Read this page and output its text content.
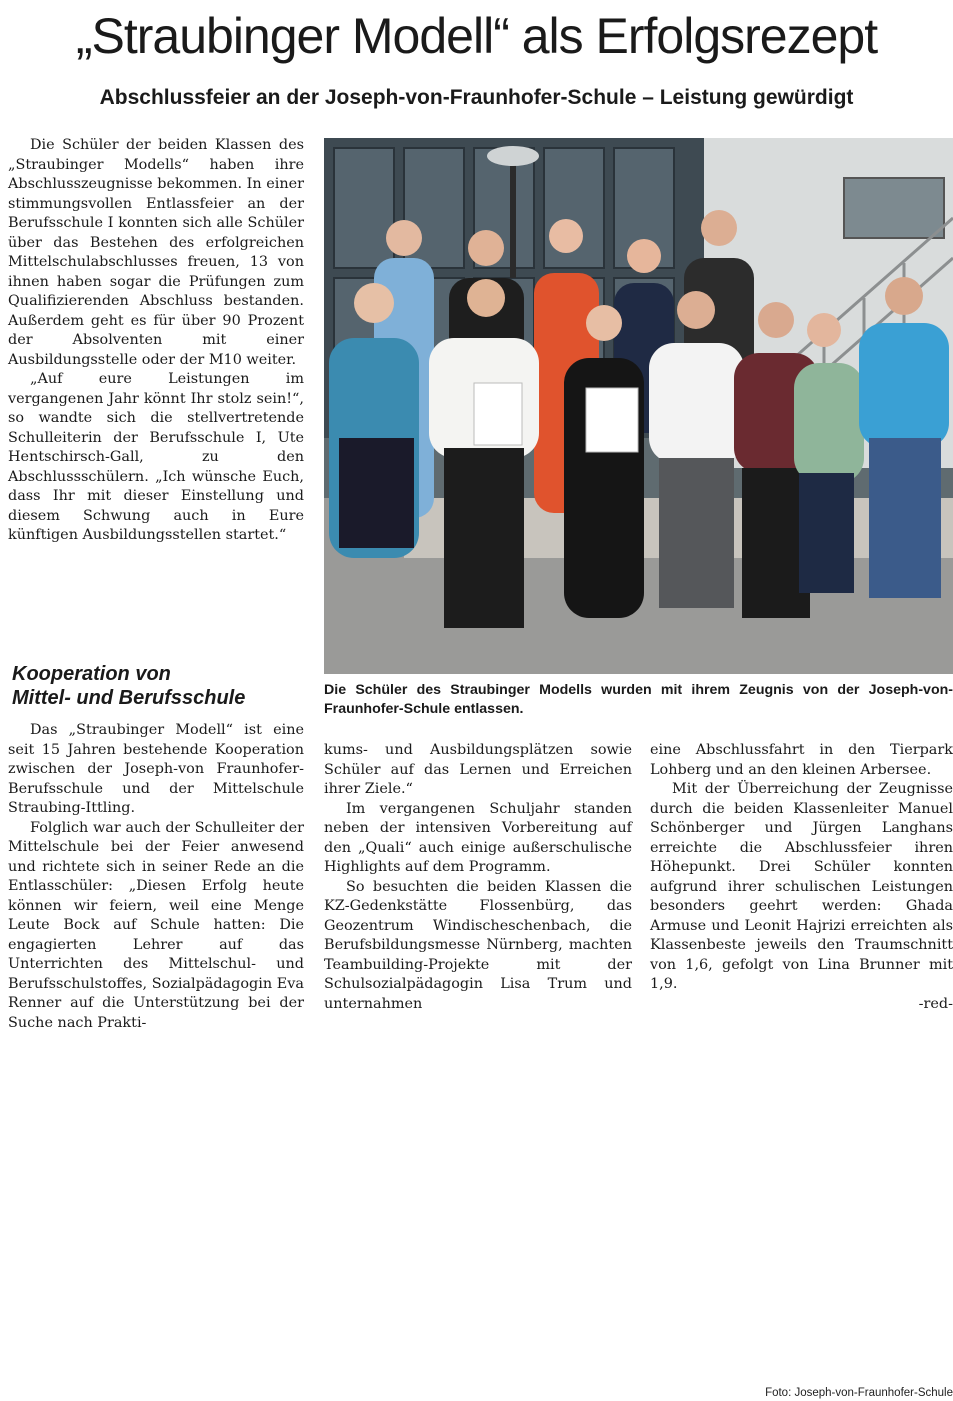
„Straubinger Modell“ als Erfolgsrezept
Abschlussfeier an der Joseph-von-Fraunhofer-Schule – Leistung gewürdigt

Die Schüler der beiden Klassen des „Straubinger Modells“ haben ihre Abschlusszeugnisse bekommen. In einer stimmungsvollen Entlassfeier an der Berufsschule I konnten sich alle Schüler über das Bestehen des erfolgreichen Mittelschulabschlusses freuen, 13 von ihnen haben sogar die Prüfungen zum Qualifizierenden Abschluss bestanden. Außerdem geht es für über 90 Prozent der Absolventen mit einer Ausbildungsstelle oder der M10 weiter.

„Auf eure Leistungen im vergangenen Jahr könnt Ihr stolz sein!“, so wandte sich die stellvertretende Schulleiterin der Berufsschule I, Ute Hentschirsch-Gall, zu den Abschlussschülern. „Ich wünsche Euch, dass Ihr mit dieser Einstellung und diesem Schwung auch in Eure künftigen Ausbildungsstellen startet.“

Kooperation von
Mittel- und Berufsschule

Das „Straubinger Modell“ ist eine seit 15 Jahren bestehende Kooperation zwischen der Joseph-von Fraunhofer-Berufsschule und der Mittelschule Straubing-Ittling.

Folglich war auch der Schulleiter der Mittelschule bei der Feier anwesend und richtete sich in seiner Rede an die Entlasschüler: „Diesen Erfolg heute können wir feiern, weil eine Menge Leute Bock auf Schule hatten: Die engagierten Lehrer auf das Unterrichten des Mittelschul- und Berufsschulstoffes, Sozialpädagogin Eva Renner auf die Unterstützung bei der Suche nach Prakti-

Die Schüler des Straubinger Modells wurden mit ihrem Zeugnis von der Joseph-von-Fraunhofer-Schule entlassen.
Foto: Joseph-von-Fraunhofer-Schule

kums- und Ausbildungsplätzen sowie Schüler auf das Lernen und Erreichen ihrer Ziele.“

Im vergangenen Schuljahr standen neben der intensiven Vorbereitung auf den „Quali“ auch einige außerschulische Highlights auf dem Programm.

So besuchten die beiden Klassen die KZ-Gedenkstätte Flossenbürg, das Geozentrum Windischeschenbach, die Berufsbildungsmesse Nürnberg, machten Teambuilding-Projekte mit der Schulsozialpädagogin Lisa Trum und unternahmen

eine Abschlussfahrt in den Tierpark Lohberg und an den kleinen Arbersee.

Mit der Überreichung der Zeugnisse durch die beiden Klassenleiter Manuel Schönberger und Jürgen Langhans erreichte die Abschlussfeier ihren Höhepunkt. Drei Schüler konnten aufgrund ihrer schulischen Leistungen besonders geehrt werden: Ghada Armuse und Leonit Hajrizi erreichten als Klassenbeste jeweils den Traumschnitt von 1,6, gefolgt von Lina Brunner mit 1,9.

-red-
